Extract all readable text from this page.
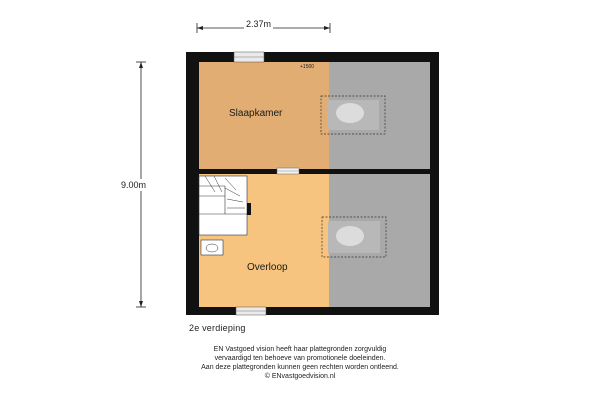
2.37m
9.00m
Slaapkamer
Overloop
+1500
2e verdieping
EN Vastgoed vision heeft haar plattegronden zorgvuldig
vervaardigd ten behoeve van promotionele doeleinden.
Aan deze plattegronden kunnen geen rechten worden ontleend.
© ENvastgoedvision.nl
